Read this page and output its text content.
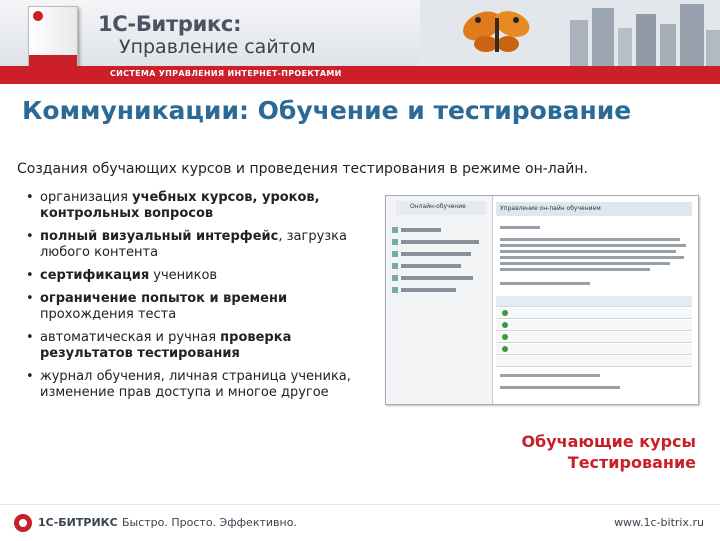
1С-Битрикс:
Управление сайтом
СИСТЕМА УПРАВЛЕНИЯ ИНТЕРНЕТ-ПРОЕКТАМИ
Коммуникации: Обучение и тестирование
Создания обучающих курсов и проведения тестирования в режиме он-лайн.
• организация учебных курсов, уроков, контрольных вопросов
• полный визуальный интерфейс, загрузка любого контента
• сертификация учеников
• ограничение попыток и времени прохождения теста
• автоматическая и ручная проверка результатов тестирования
• журнал обучения, личная страница ученика, изменение прав доступа и многое другое
Онлайн-обучение	Управление он-лайн обучением
Обучающие курсы
Тестирование
1С-БИТРИКС Быстро. Просто. Эффективно.	www.1c-bitrix.ru
